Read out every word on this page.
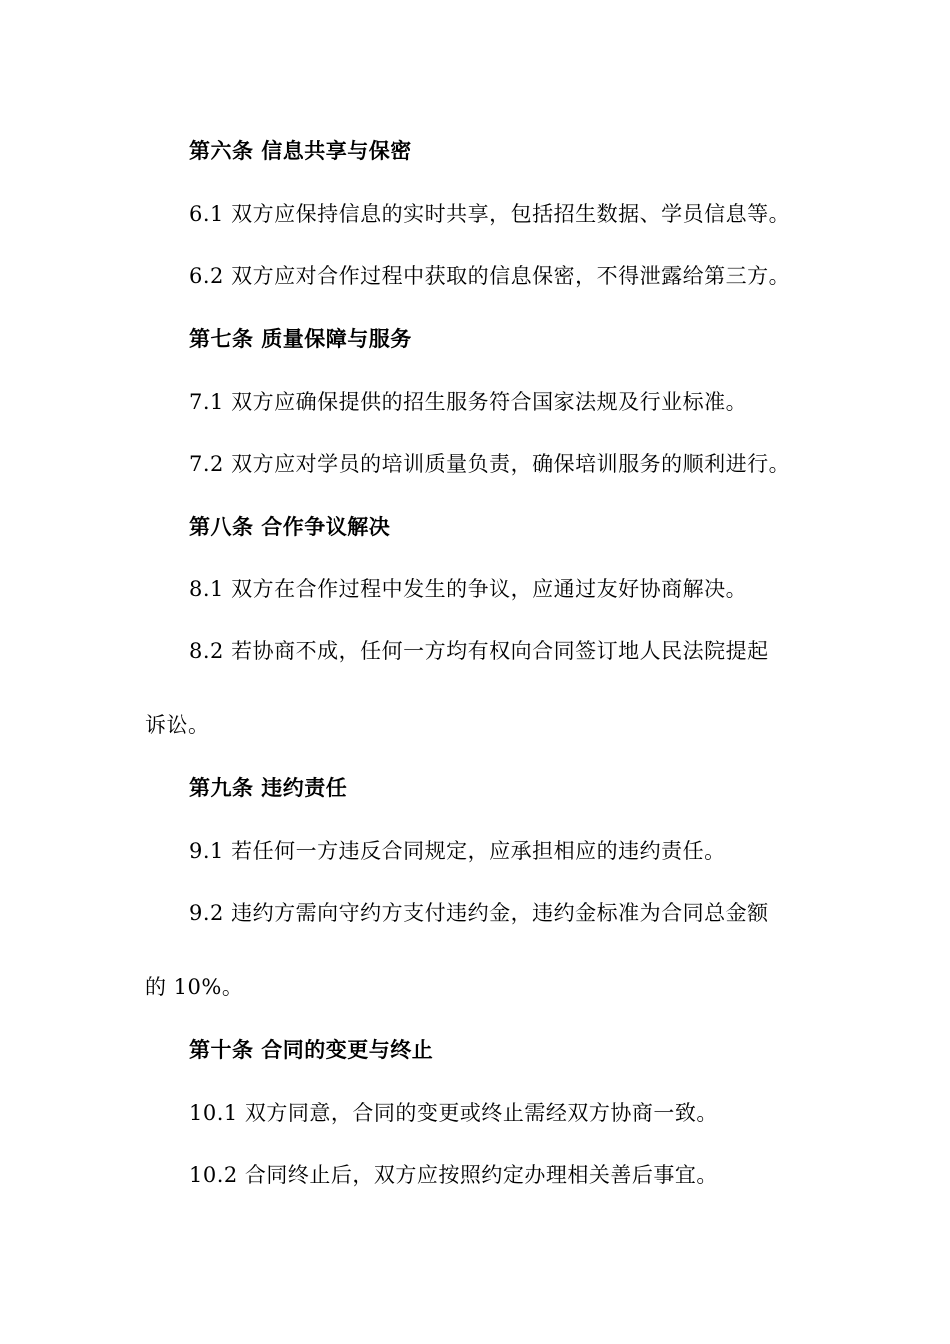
第六条 信息共享与保密
6.1 双方应保持信息的实时共享，包括招生数据、学员信息等。
6.2 双方应对合作过程中获取的信息保密，不得泄露给第三方。
第七条 质量保障与服务
7.1 双方应确保提供的招生服务符合国家法规及行业标准。
7.2 双方应对学员的培训质量负责，确保培训服务的顺利进行。
第八条 合作争议解决
8.1 双方在合作过程中发生的争议，应通过友好协商解决。
8.2 若协商不成，任何一方均有权向合同签订地人民法院提起
诉讼。
第九条 违约责任
9.1 若任何一方违反合同规定，应承担相应的违约责任。
9.2 违约方需向守约方支付违约金，违约金标准为合同总金额
的 10%。
第十条 合同的变更与终止
10.1 双方同意，合同的变更或终止需经双方协商一致。
10.2 合同终止后，双方应按照约定办理相关善后事宜。
